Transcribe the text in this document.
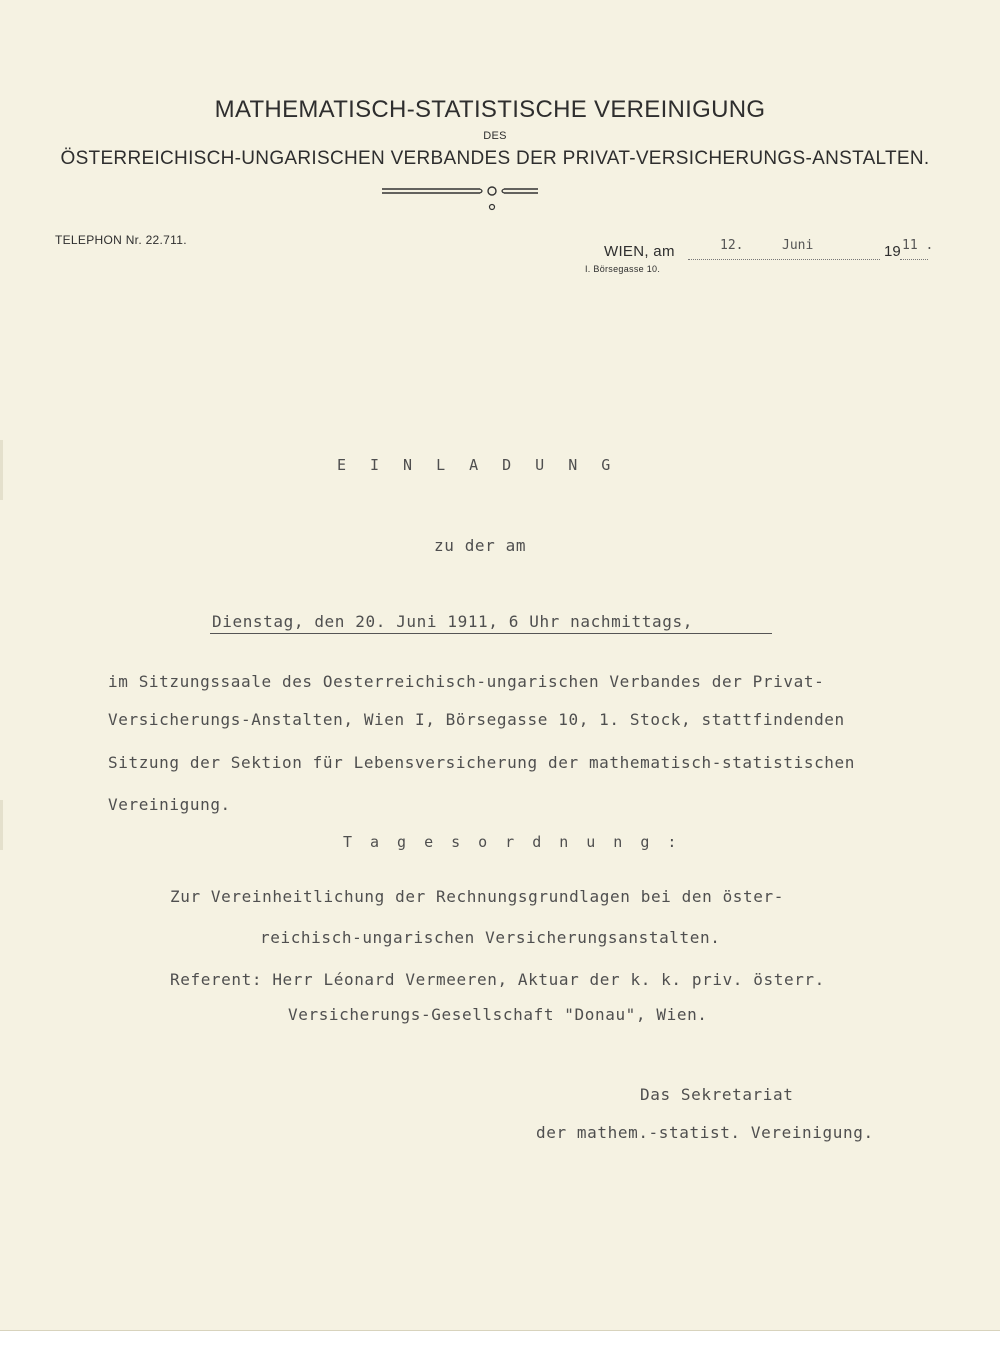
MATHEMATISCH-STATISTISCHE VEREINIGUNG
DES
ÖSTERREICHISCH-UNGARISCHEN VERBANDES DER PRIVAT-VERSICHERUNGS-ANSTALTEN.
TELEPHON Nr. 22.711.
WIEN, am	12.	Juni	19 11 .
I. Börsegasse 10.
EINLADUNG
zu der am
Dienstag, den 20. Juni 1911, 6 Uhr nachmittags,
im Sitzungssaale des Oesterreichisch-ungarischen Verbandes der Privat-
Versicherungs-Anstalten, Wien I, Börsegasse 10, 1. Stock, stattfindenden
Sitzung der Sektion für Lebensversicherung der mathematisch-statistischen
Vereinigung.
Tagesordnung:
Zur Vereinheitlichung der Rechnungsgrundlagen bei den öster-
reichisch-ungarischen Versicherungsanstalten.
Referent: Herr Léonard Vermeeren, Aktuar der k. k. priv. österr.
Versicherungs-Gesellschaft "Donau", Wien.
Das Sekretariat
der mathem.-statist. Vereinigung.
